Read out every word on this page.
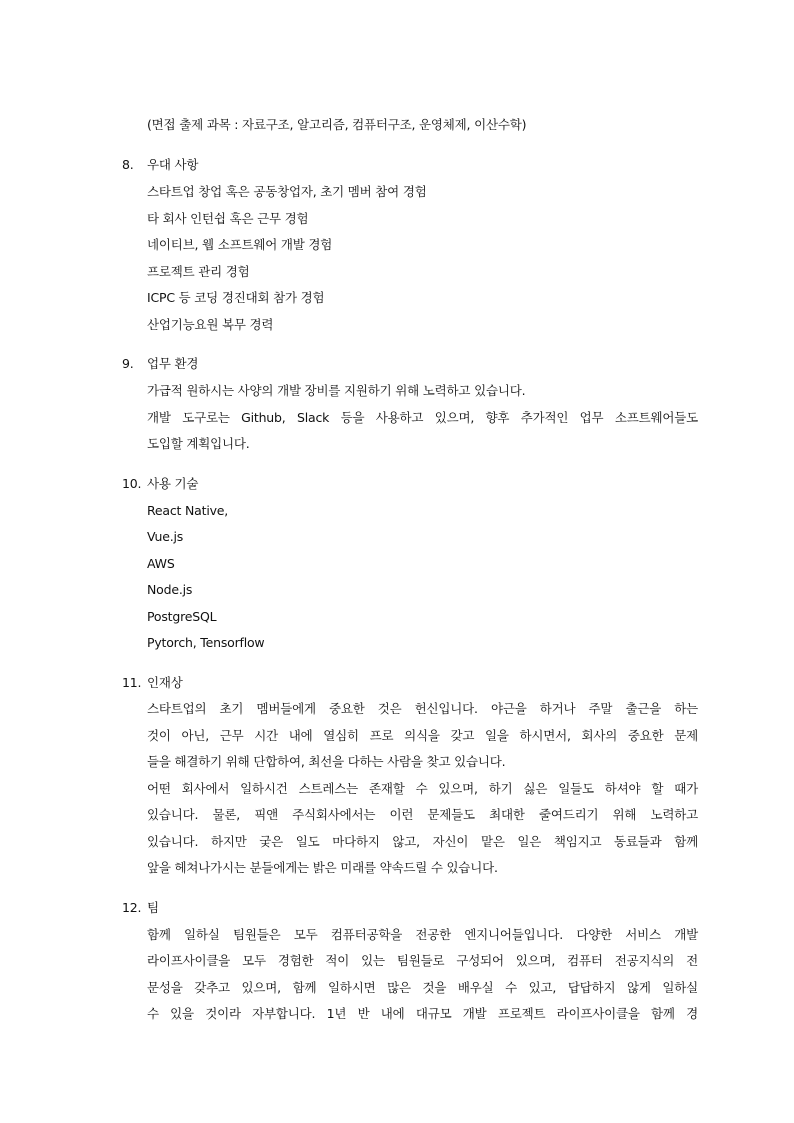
(면접 출제 과목 : 자료구조, 알고리즘, 컴퓨터구조, 운영체제, 이산수학)
8. 우대 사항
스타트업 창업 혹은 공동창업자, 초기 멤버 참여 경험
타 회사 인턴쉽 혹은 근무 경험
네이티브, 웹 소프트웨어 개발 경험
프로젝트 관리 경험
ICPC 등 코딩 경진대회 참가 경험
산업기능요원 복무 경력
9. 업무 환경
가급적 원하시는 사양의 개발 장비를 지원하기 위해 노력하고 있습니다.
개발 도구로는 Github, Slack 등을 사용하고 있으며, 향후 추가적인 업무 소프트웨어들도
도입할 계획입니다.
10. 사용 기술
React Native,
Vue.js
AWS
Node.js
PostgreSQL
Pytorch, Tensorflow
11. 인재상
스타트업의 초기 멤버들에게 중요한 것은 헌신입니다. 야근을 하거나 주말 출근을 하는
것이 아닌, 근무 시간 내에 열심히 프로 의식을 갖고 일을 하시면서, 회사의 중요한 문제
들을 해결하기 위해 단합하여, 최선을 다하는 사람을 찾고 있습니다.
어떤 회사에서 일하시건 스트레스는 존재할 수 있으며, 하기 싫은 일들도 하셔야 할 때가
있습니다. 물론, 픽앤 주식회사에서는 이런 문제들도 최대한 줄여드리기 위해 노력하고
있습니다. 하지만 궂은 일도 마다하지 않고, 자신이 맡은 일은 책임지고 동료들과 함께
앞을 헤쳐나가시는 분들에게는 밝은 미래를 약속드릴 수 있습니다.
12. 팀
함께 일하실 팀원들은 모두 컴퓨터공학을 전공한 엔지니어들입니다. 다양한 서비스 개발
라이프사이클을 모두 경험한 적이 있는 팀원들로 구성되어 있으며, 컴퓨터 전공지식의 전
문성을 갖추고 있으며, 함께 일하시면 많은 것을 배우실 수 있고, 답답하지 않게 일하실
수 있을 것이라 자부합니다. 1년 반 내에 대규모 개발 프로젝트 라이프사이클을 함께 경
